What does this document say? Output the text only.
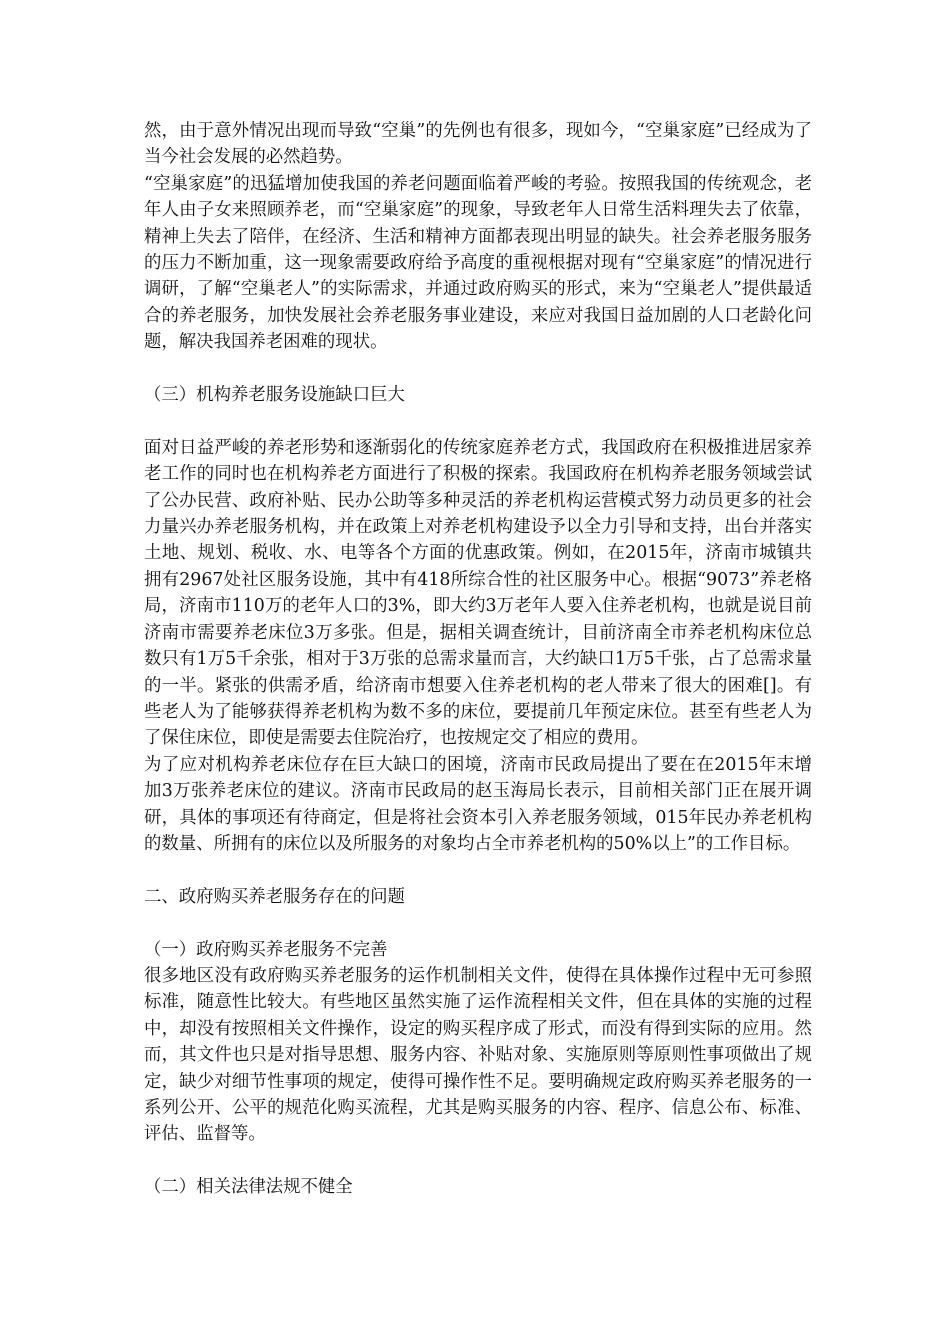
然，由于意外情况出现而导致“空巢”的先例也有很多，现如今，“空巢家庭”已经成为了当今社会发展的必然趋势。

“空巢家庭”的迅猛增加使我国的养老问题面临着严峻的考验。按照我国的传统观念，老年人由子女来照顾养老，而“空巢家庭”的现象，导致老年人日常生活料理失去了依靠，精神上失去了陪伴，在经济、生活和精神方面都表现出明显的缺失。社会养老服务服务的压力不断加重，这一现象需要政府给予高度的重视根据对现有“空巢家庭”的情况进行调研，了解“空巢老人”的实际需求，并通过政府购买的形式，来为“空巢老人”提供最适合的养老服务，加快发展社会养老服务事业建设，来应对我国日益加剧的人口老龄化问题，解决我国养老困难的现状。

（三）机构养老服务设施缺口巨大

面对日益严峻的养老形势和逐渐弱化的传统家庭养老方式，我国政府在积极推进居家养老工作的同时也在机构养老方面进行了积极的探索。我国政府在机构养老服务领域尝试了公办民营、政府补贴、民办公助等多种灵活的养老机构运营模式努力动员更多的社会力量兴办养老服务机构，并在政策上对养老机构建设予以全力引导和支持，出台并落实土地、规划、税收、水、电等各个方面的优惠政策。例如，在2015年，济南市城镇共拥有2967处社区服务设施，其中有418所综合性的社区服务中心。根据“9073”养老格局，济南市110万的老年人口的3%，即大约3万老年人要入住养老机构，也就是说目前济南市需要养老床位3万多张。但是，据相关调查统计，目前济南全市养老机构床位总数只有1万5千余张，相对于3万张的总需求量而言，大约缺口1万5千张，占了总需求量的一半。紧张的供需矛盾，给济南市想要入住养老机构的老人带来了很大的困难[]。有些老人为了能够获得养老机构为数不多的床位，要提前几年预定床位。甚至有些老人为了保住床位，即使是需要去住院治疗，也按规定交了相应的费用。

为了应对机构养老床位存在巨大缺口的困境，济南市民政局提出了要在在2015年末增加3万张养老床位的建议。济南市民政局的赵玉海局长表示，目前相关部门正在展开调研，具体的事项还有待商定，但是将社会资本引入养老服务领域，015年民办养老机构的数量、所拥有的床位以及所服务的对象均占全市养老机构的50%以上”的工作目标。

二、政府购买养老服务存在的问题

（一）政府购买养老服务不完善

很多地区没有政府购买养老服务的运作机制相关文件，使得在具体操作过程中无可参照标准，随意性比较大。有些地区虽然实施了运作流程相关文件，但在具体的实施的过程中，却没有按照相关文件操作，设定的购买程序成了形式，而没有得到实际的应用。然而，其文件也只是对指导思想、服务内容、补贴对象、实施原则等原则性事项做出了规定，缺少对细节性事项的规定，使得可操作性不足。要明确规定政府购买养老服务的一系列公开、公平的规范化购买流程，尤其是购买服务的内容、程序、信息公布、标准、评估、监督等。

（二）相关法律法规不健全
